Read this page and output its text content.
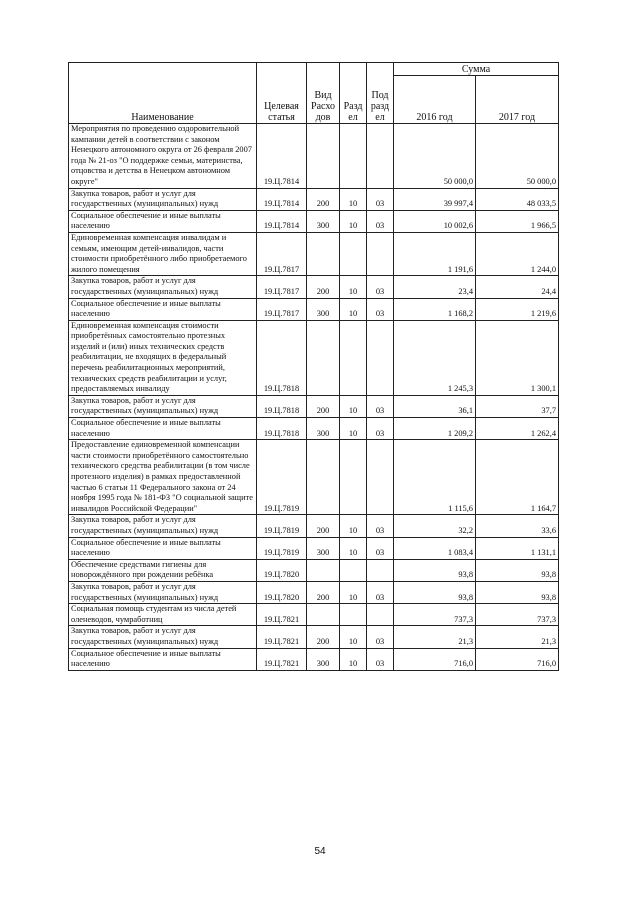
Наименование	Целевая статья	Вид Расхо дов	Разд ел	Под разд ел	Сумма	
					2016 год	2017 год
Мероприятия по проведению оздоровительной кампании детей в соответствии с законом Ненецкого автономного округа от 26 февраля 2007 года № 21-оз "О поддержке семьи, материнства, отцовства и детства в Ненецком автономном округе"	19.Ц.7814				50 000,0	50 000,0
Закупка товаров, работ и услуг для государственных (муниципальных) нужд	19.Ц.7814	200	10	03	39 997,4	48 033,5
Социальное обеспечение и иные выплаты населению	19.Ц.7814	300	10	03	10 002,6	1 966,5
Единовременная компенсация инвалидам и семьям, имеющим детей-инвалидов, части стоимости приобретённого либо приобретаемого жилого помещения	19.Ц.7817				1 191,6	1 244,0
Закупка товаров, работ и услуг для государственных (муниципальных) нужд	19.Ц.7817	200	10	03	23,4	24,4
Социальное обеспечение и иные выплаты населению	19.Ц.7817	300	10	03	1 168,2	1 219,6
Единовременная компенсация стоимости приобретённых самостоятельно протезных изделий и (или) иных технических средств реабилитации, не входящих в федеральный перечень реабилитационных мероприятий, технических средств реабилитации и услуг, предоставляемых инвалиду	19.Ц.7818				1 245,3	1 300,1
Закупка товаров, работ и услуг для государственных (муниципальных) нужд	19.Ц.7818	200	10	03	36,1	37,7
Социальное обеспечение и иные выплаты населению	19.Ц.7818	300	10	03	1 209,2	1 262,4
Предоставление единовременной компенсации части стоимости приобретённого самостоятельно технического средства реабилитации (в том числе протезного изделия) в рамках предоставленной частью 6 статьи 11 Федерального закона от 24 ноября 1995 года № 181-ФЗ "О социальной защите инвалидов Российской Федерации"	19.Ц.7819				1 115,6	1 164,7
Закупка товаров, работ и услуг для государственных (муниципальных) нужд	19.Ц.7819	200	10	03	32,2	33,6
Социальное обеспечение и иные выплаты населению	19.Ц.7819	300	10	03	1 083,4	1 131,1
Обеспечение средствами гигиены для новорождённого при рождении ребёнка	19.Ц.7820				93,8	93,8
Закупка товаров, работ и услуг для государственных (муниципальных) нужд	19.Ц.7820	200	10	03	93,8	93,8
Социальная помощь студентам из числа детей оленеводов, чумработниц	19.Ц.7821				737,3	737,3
Закупка товаров, работ и услуг для государственных (муниципальных) нужд	19.Ц.7821	200	10	03	21,3	21,3
Социальное обеспечение и иные выплаты населению	19.Ц.7821	300	10	03	716,0	716,0
54
